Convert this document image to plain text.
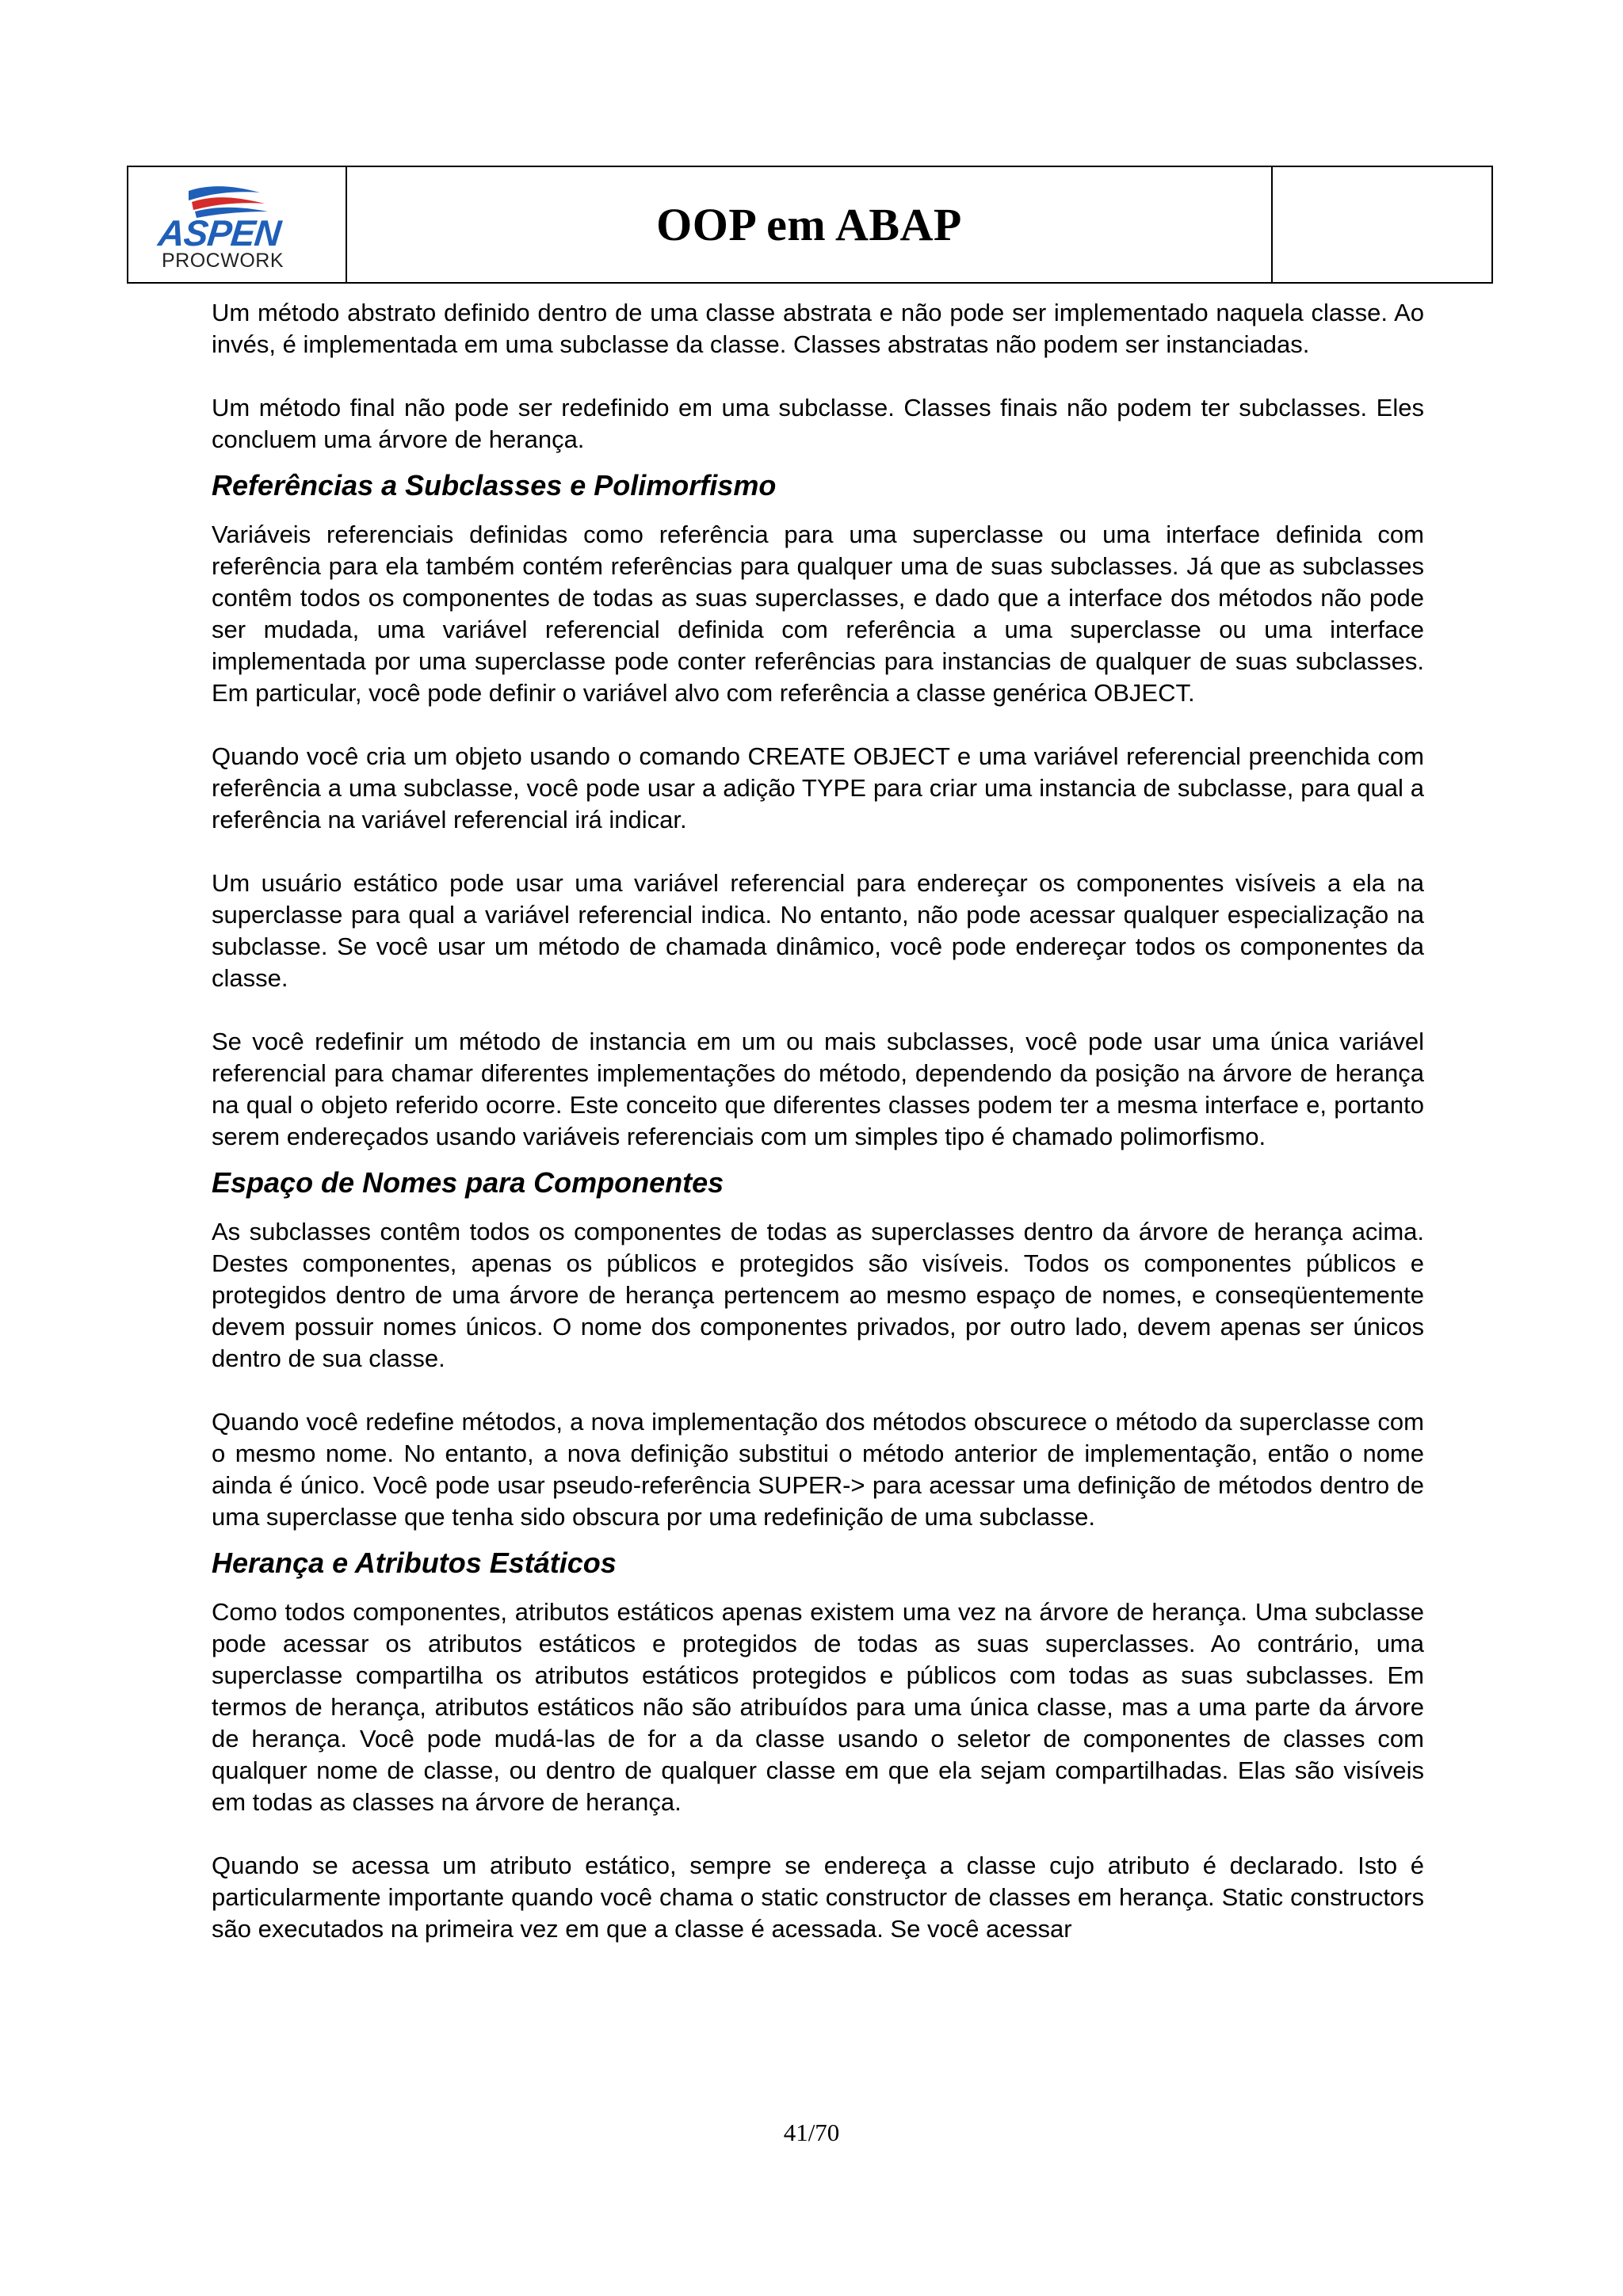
ASPEN
PROCWORK
OOP em ABAP

Um método abstrato definido dentro de uma classe abstrata e não pode ser implementado naquela classe. Ao invés, é implementada em uma subclasse da classe. Classes abstratas não podem ser instanciadas.

Um método final não pode ser redefinido em uma subclasse. Classes finais não podem ter subclasses. Eles concluem uma árvore de herança.

Referências a Subclasses e Polimorfismo

Variáveis referenciais definidas como referência para uma superclasse ou uma interface definida com referência para ela também contém referências para qualquer uma de suas subclasses. Já que as subclasses contêm todos os componentes de todas as suas superclasses, e dado que a interface dos métodos não pode ser mudada, uma variável referencial definida com referência a uma superclasse ou uma interface implementada por uma superclasse pode conter referências para instancias de qualquer de suas subclasses. Em particular, você pode definir o variável alvo com referência a classe genérica OBJECT.

Quando você cria um objeto usando o comando CREATE OBJECT e uma variável referencial preenchida com referência a uma subclasse, você pode usar a adição TYPE para criar uma instancia de subclasse, para qual a referência na variável referencial irá indicar.

Um usuário estático pode usar uma variável referencial para endereçar os componentes visíveis a ela na superclasse para qual a variável referencial indica. No entanto, não pode acessar qualquer especialização na subclasse. Se você usar um método de chamada dinâmico, você pode endereçar todos os componentes da classe.

Se você redefinir um método de instancia em um ou mais subclasses, você pode usar uma única variável referencial para chamar diferentes implementações do método, dependendo da posição na árvore de herança na qual o objeto referido ocorre. Este conceito que diferentes classes podem ter a mesma interface e, portanto serem endereçados usando variáveis referenciais com um simples tipo é chamado polimorfismo.

Espaço de Nomes para Componentes

As subclasses contêm todos os componentes de todas as superclasses dentro da árvore de herança acima. Destes componentes, apenas os públicos e protegidos são visíveis. Todos os componentes públicos e protegidos dentro de uma árvore de herança pertencem ao mesmo espaço de nomes, e conseqüentemente devem possuir nomes únicos. O nome dos componentes privados, por outro lado, devem apenas ser únicos dentro de sua classe.

Quando você redefine métodos, a nova implementação dos métodos obscurece o método da superclasse com o mesmo nome. No entanto, a nova definição substitui o método anterior de implementação, então o nome ainda é único. Você pode usar pseudo-referência SUPER-> para acessar uma definição de métodos dentro de uma superclasse que tenha sido obscura por uma redefinição de uma subclasse.

Herança e Atributos Estáticos

Como todos componentes, atributos estáticos apenas existem uma vez na árvore de herança. Uma subclasse pode acessar os atributos estáticos e protegidos de todas as suas superclasses. Ao contrário, uma superclasse compartilha os atributos estáticos protegidos e públicos com todas as suas subclasses. Em termos de herança, atributos estáticos não são atribuídos para uma única classe, mas a uma parte da árvore de herança. Você pode mudá-las de for a da classe usando o seletor de componentes de classes com qualquer nome de classe, ou dentro de qualquer classe em que ela sejam compartilhadas. Elas são visíveis em todas as classes na árvore de herança.

Quando se acessa um atributo estático, sempre se endereça a classe cujo atributo é declarado. Isto é particularmente importante quando você chama o static constructor de classes em herança. Static constructors são executados na primeira vez em que a classe é acessada. Se você acessar

41/70
